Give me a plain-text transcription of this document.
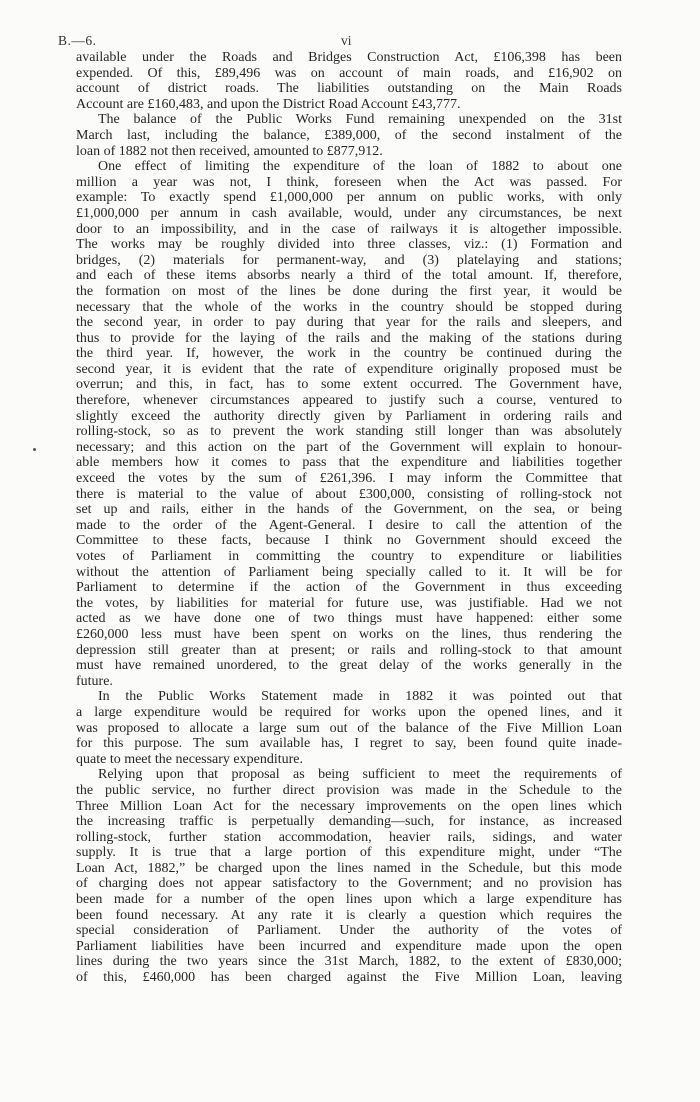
B.—6.	vi
available under the Roads and Bridges Construction Act, £106,398 has been
expended. Of this, £89,496 was on account of main roads, and £16,902 on
account of district roads. The liabilities outstanding on the Main Roads
Account are £160,483, and upon the District Road Account £43,777.
The balance of the Public Works Fund remaining unexpended on the 31st
March last, including the balance, £389,000, of the second instalment of the
loan of 1882 not then received, amounted to £877,912.
One effect of limiting the expenditure of the loan of 1882 to about one
million a year was not, I think, foreseen when the Act was passed. For
example: To exactly spend £1,000,000 per annum on public works, with only
£1,000,000 per annum in cash available, would, under any circumstances, be next
door to an impossibility, and in the case of railways it is altogether impossible.
The works may be roughly divided into three classes, viz.: (1) Formation and
bridges, (2) materials for permanent-way, and (3) platelaying and stations;
and each of these items absorbs nearly a third of the total amount. If, therefore,
the formation on most of the lines be done during the first year, it would be
necessary that the whole of the works in the country should be stopped during
the second year, in order to pay during that year for the rails and sleepers, and
thus to provide for the laying of the rails and the making of the stations during
the third year. If, however, the work in the country be continued during the
second year, it is evident that the rate of expenditure originally proposed must be
overrun; and this, in fact, has to some extent occurred. The Government have,
therefore, whenever circumstances appeared to justify such a course, ventured to
slightly exceed the authority directly given by Parliament in ordering rails and
rolling-stock, so as to prevent the work standing still longer than was absolutely
necessary; and this action on the part of the Government will explain to honour-
able members how it comes to pass that the expenditure and liabilities together
exceed the votes by the sum of £261,396. I may inform the Committee that
there is material to the value of about £300,000, consisting of rolling-stock not
set up and rails, either in the hands of the Government, on the sea, or being
made to the order of the Agent-General. I desire to call the attention of the
Committee to these facts, because I think no Government should exceed the
votes of Parliament in committing the country to expenditure or liabilities
without the attention of Parliament being specially called to it. It will be for
Parliament to determine if the action of the Government in thus exceeding
the votes, by liabilities for material for future use, was justifiable. Had we not
acted as we have done one of two things must have happened: either some
£260,000 less must have been spent on works on the lines, thus rendering the
depression still greater than at present; or rails and rolling-stock to that amount
must have remained unordered, to the great delay of the works generally in the
future.
In the Public Works Statement made in 1882 it was pointed out that
a large expenditure would be required for works upon the opened lines, and it
was proposed to allocate a large sum out of the balance of the Five Million Loan
for this purpose. The sum available has, I regret to say, been found quite inade-
quate to meet the necessary expenditure.
Relying upon that proposal as being sufficient to meet the requirements of
the public service, no further direct provision was made in the Schedule to the
Three Million Loan Act for the necessary improvements on the open lines which
the increasing traffic is perpetually demanding—such, for instance, as increased
rolling-stock, further station accommodation, heavier rails, sidings, and water
supply. It is true that a large portion of this expenditure might, under “The
Loan Act, 1882,” be charged upon the lines named in the Schedule, but this mode
of charging does not appear satisfactory to the Government; and no provision has
been made for a number of the open lines upon which a large expenditure has
been found necessary. At any rate it is clearly a question which requires the
special consideration of Parliament. Under the authority of the votes of
Parliament liabilities have been incurred and expenditure made upon the open
lines during the two years since the 31st March, 1882, to the extent of £830,000;
of this, £460,000 has been charged against the Five Million Loan, leaving
